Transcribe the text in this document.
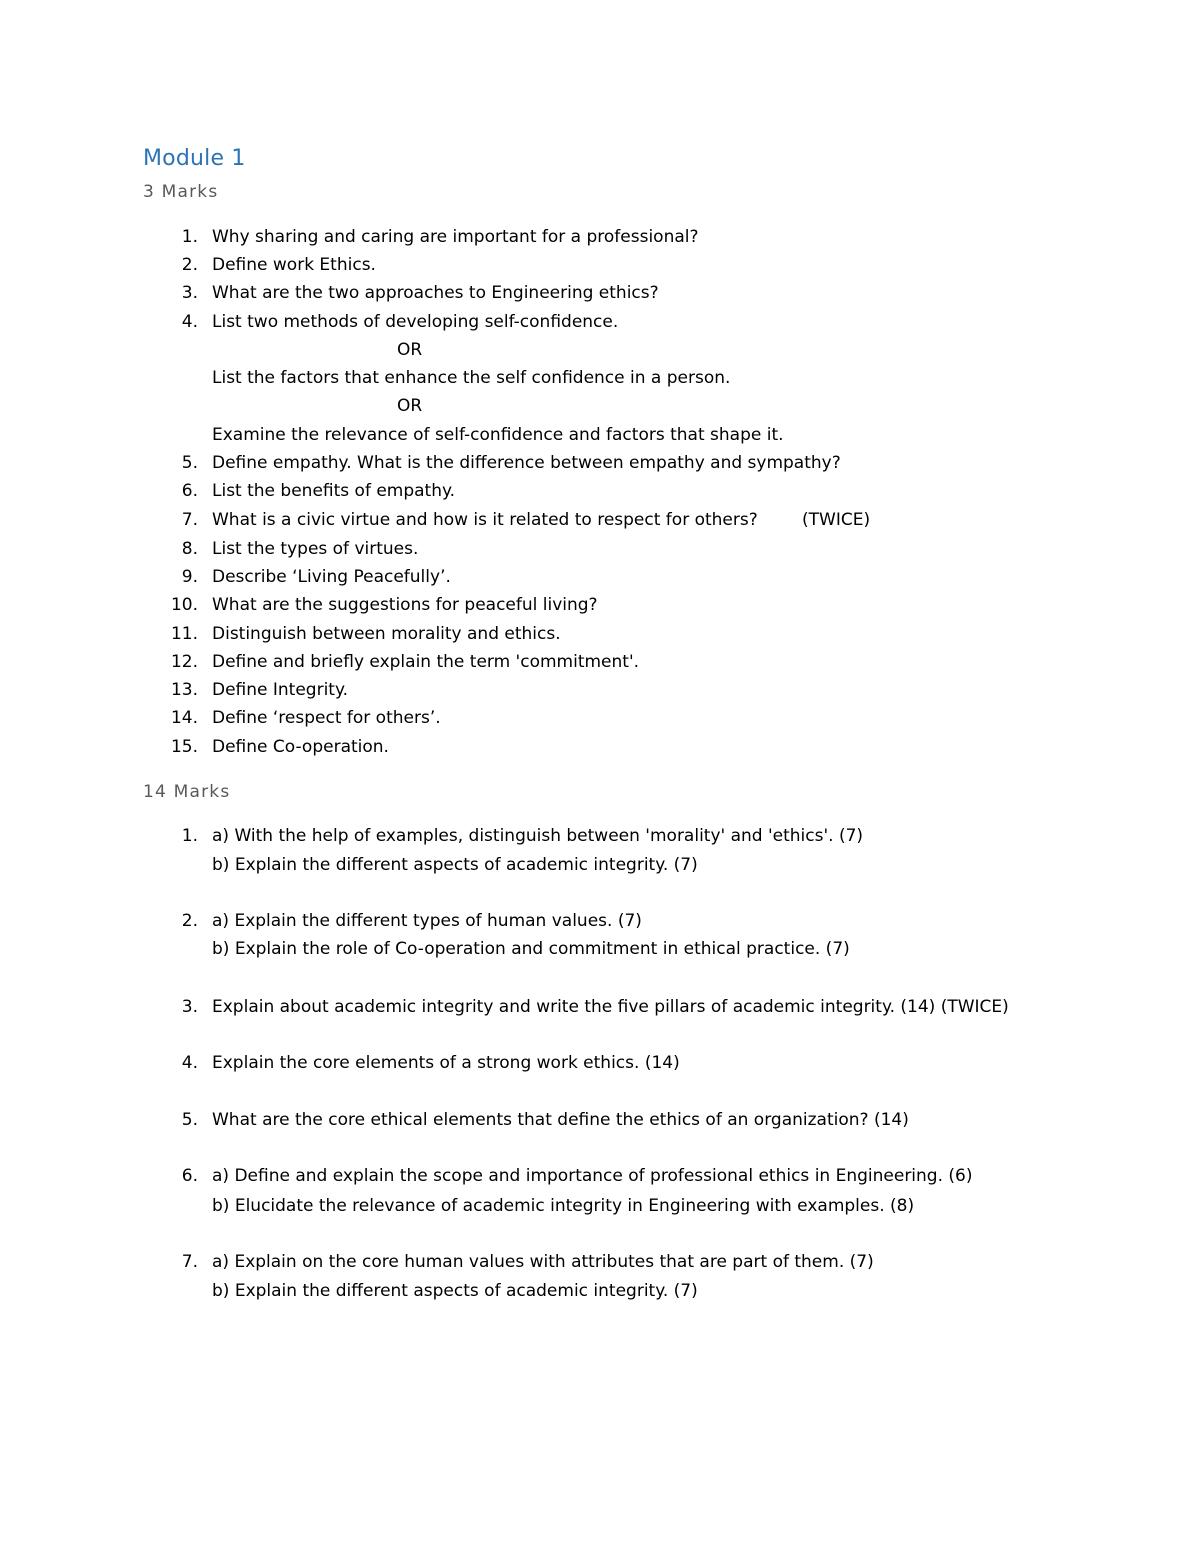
Module 1
3 Marks
1. Why sharing and caring are important for a professional?
2. Define work Ethics.
3. What are the two approaches to Engineering ethics?
4. List two methods of developing self-confidence.
OR
List the factors that enhance the self confidence in a person.
OR
Examine the relevance of self-confidence and factors that shape it.
5. Define empathy. What is the difference between empathy and sympathy?
6. List the benefits of empathy.
7. What is a civic virtue and how is it related to respect for others?	(TWICE)
8. List the types of virtues.
9. Describe ‘Living Peacefully’.
10. What are the suggestions for peaceful living?
11. Distinguish between morality and ethics.
12. Define and briefly explain the term 'commitment'.
13. Define Integrity.
14. Define ‘respect for others’.
15. Define Co-operation.
14 Marks
1. a) With the help of examples, distinguish between 'morality' and 'ethics'. (7)
b) Explain the different aspects of academic integrity. (7)
2. a) Explain the different types of human values. (7)
b) Explain the role of Co-operation and commitment in ethical practice. (7)
3. Explain about academic integrity and write the five pillars of academic integrity. (14) (TWICE)
4. Explain the core elements of a strong work ethics. (14)
5. What are the core ethical elements that define the ethics of an organization? (14)
6. a) Define and explain the scope and importance of professional ethics in Engineering. (6)
b) Elucidate the relevance of academic integrity in Engineering with examples. (8)
7. a) Explain on the core human values with attributes that are part of them. (7)
b) Explain the different aspects of academic integrity. (7)
